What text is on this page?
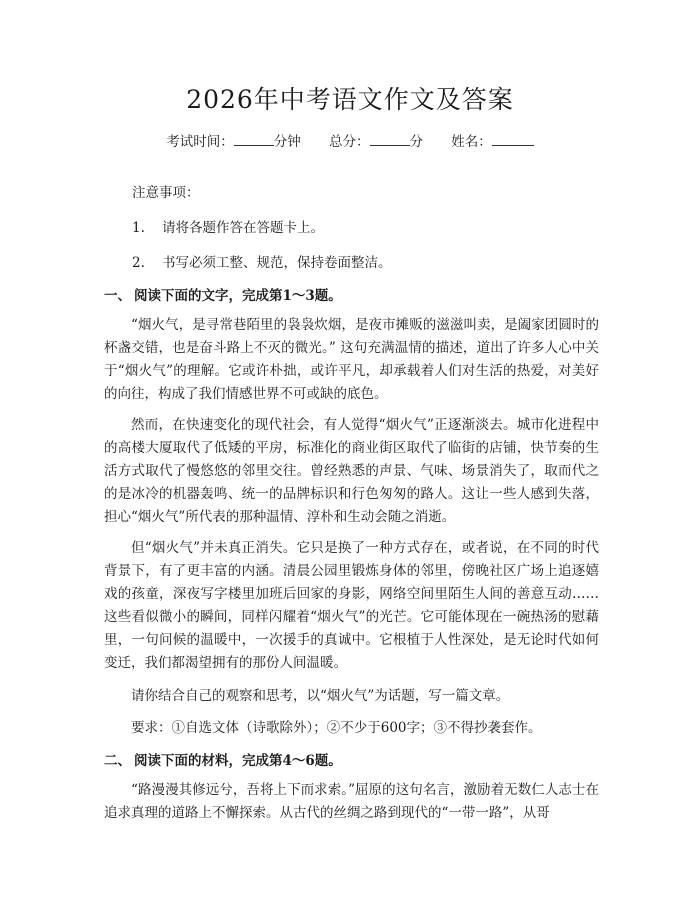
2026年中考语文作文及答案
考试时间：	分钟 总分：	分 姓名：
注意事项：
1. 请将各题作答在答题卡上。
2. 书写必须工整、规范，保持卷面整洁。
一、 阅读下面的文字，完成第1～3题。

“烟火气，是寻常巷陌里的袅袅炊烟，是夜市摊贩的滋滋叫卖，是阖家团圆时的杯盏交错，也是奋斗路上不灭的微光。” 这句充满温情的描述，道出了许多人心中关于“烟火气”的理解。它或许朴拙，或许平凡，却承载着人们对生活的热爱，对美好的向往，构成了我们情感世界不可或缺的底色。

然而，在快速变化的现代社会，有人觉得“烟火气”正逐渐淡去。城市化进程中的高楼大厦取代了低矮的平房，标准化的商业街区取代了临街的店铺，快节奏的生活方式取代了慢悠悠的邻里交往。曾经熟悉的声景、气味、场景消失了，取而代之的是冰冷的机器轰鸣、统一的品牌标识和行色匆匆的路人。这让一些人感到失落，担心“烟火气”所代表的那种温情、淳朴和生动会随之消逝。

但“烟火气”并未真正消失。它只是换了一种方式存在，或者说，在不同的时代背景下，有了更丰富的内涵。清晨公园里锻炼身体的邻里，傍晚社区广场上追逐嬉戏的孩童，深夜写字楼里加班后回家的身影，网络空间里陌生人间的善意互动……这些看似微小的瞬间，同样闪耀着“烟火气”的光芒。它可能体现在一碗热汤的慰藉里，一句问候的温暖中，一次援手的真诚中。它根植于人性深处，是无论时代如何变迁，我们都渴望拥有的那份人间温暖。

请你结合自己的观察和思考，以“烟火气”为话题，写一篇文章。

要求：①自选文体（诗歌除外）；②不少于600字；③不得抄袭套作。

二、 阅读下面的材料，完成第4～6题。

“路漫漫其修远兮，吾将上下而求索。”屈原的这句名言，激励着无数仁人志士在追求真理的道路上不懈探索。从古代的丝绸之路到现代的“一带一路”，从哥
